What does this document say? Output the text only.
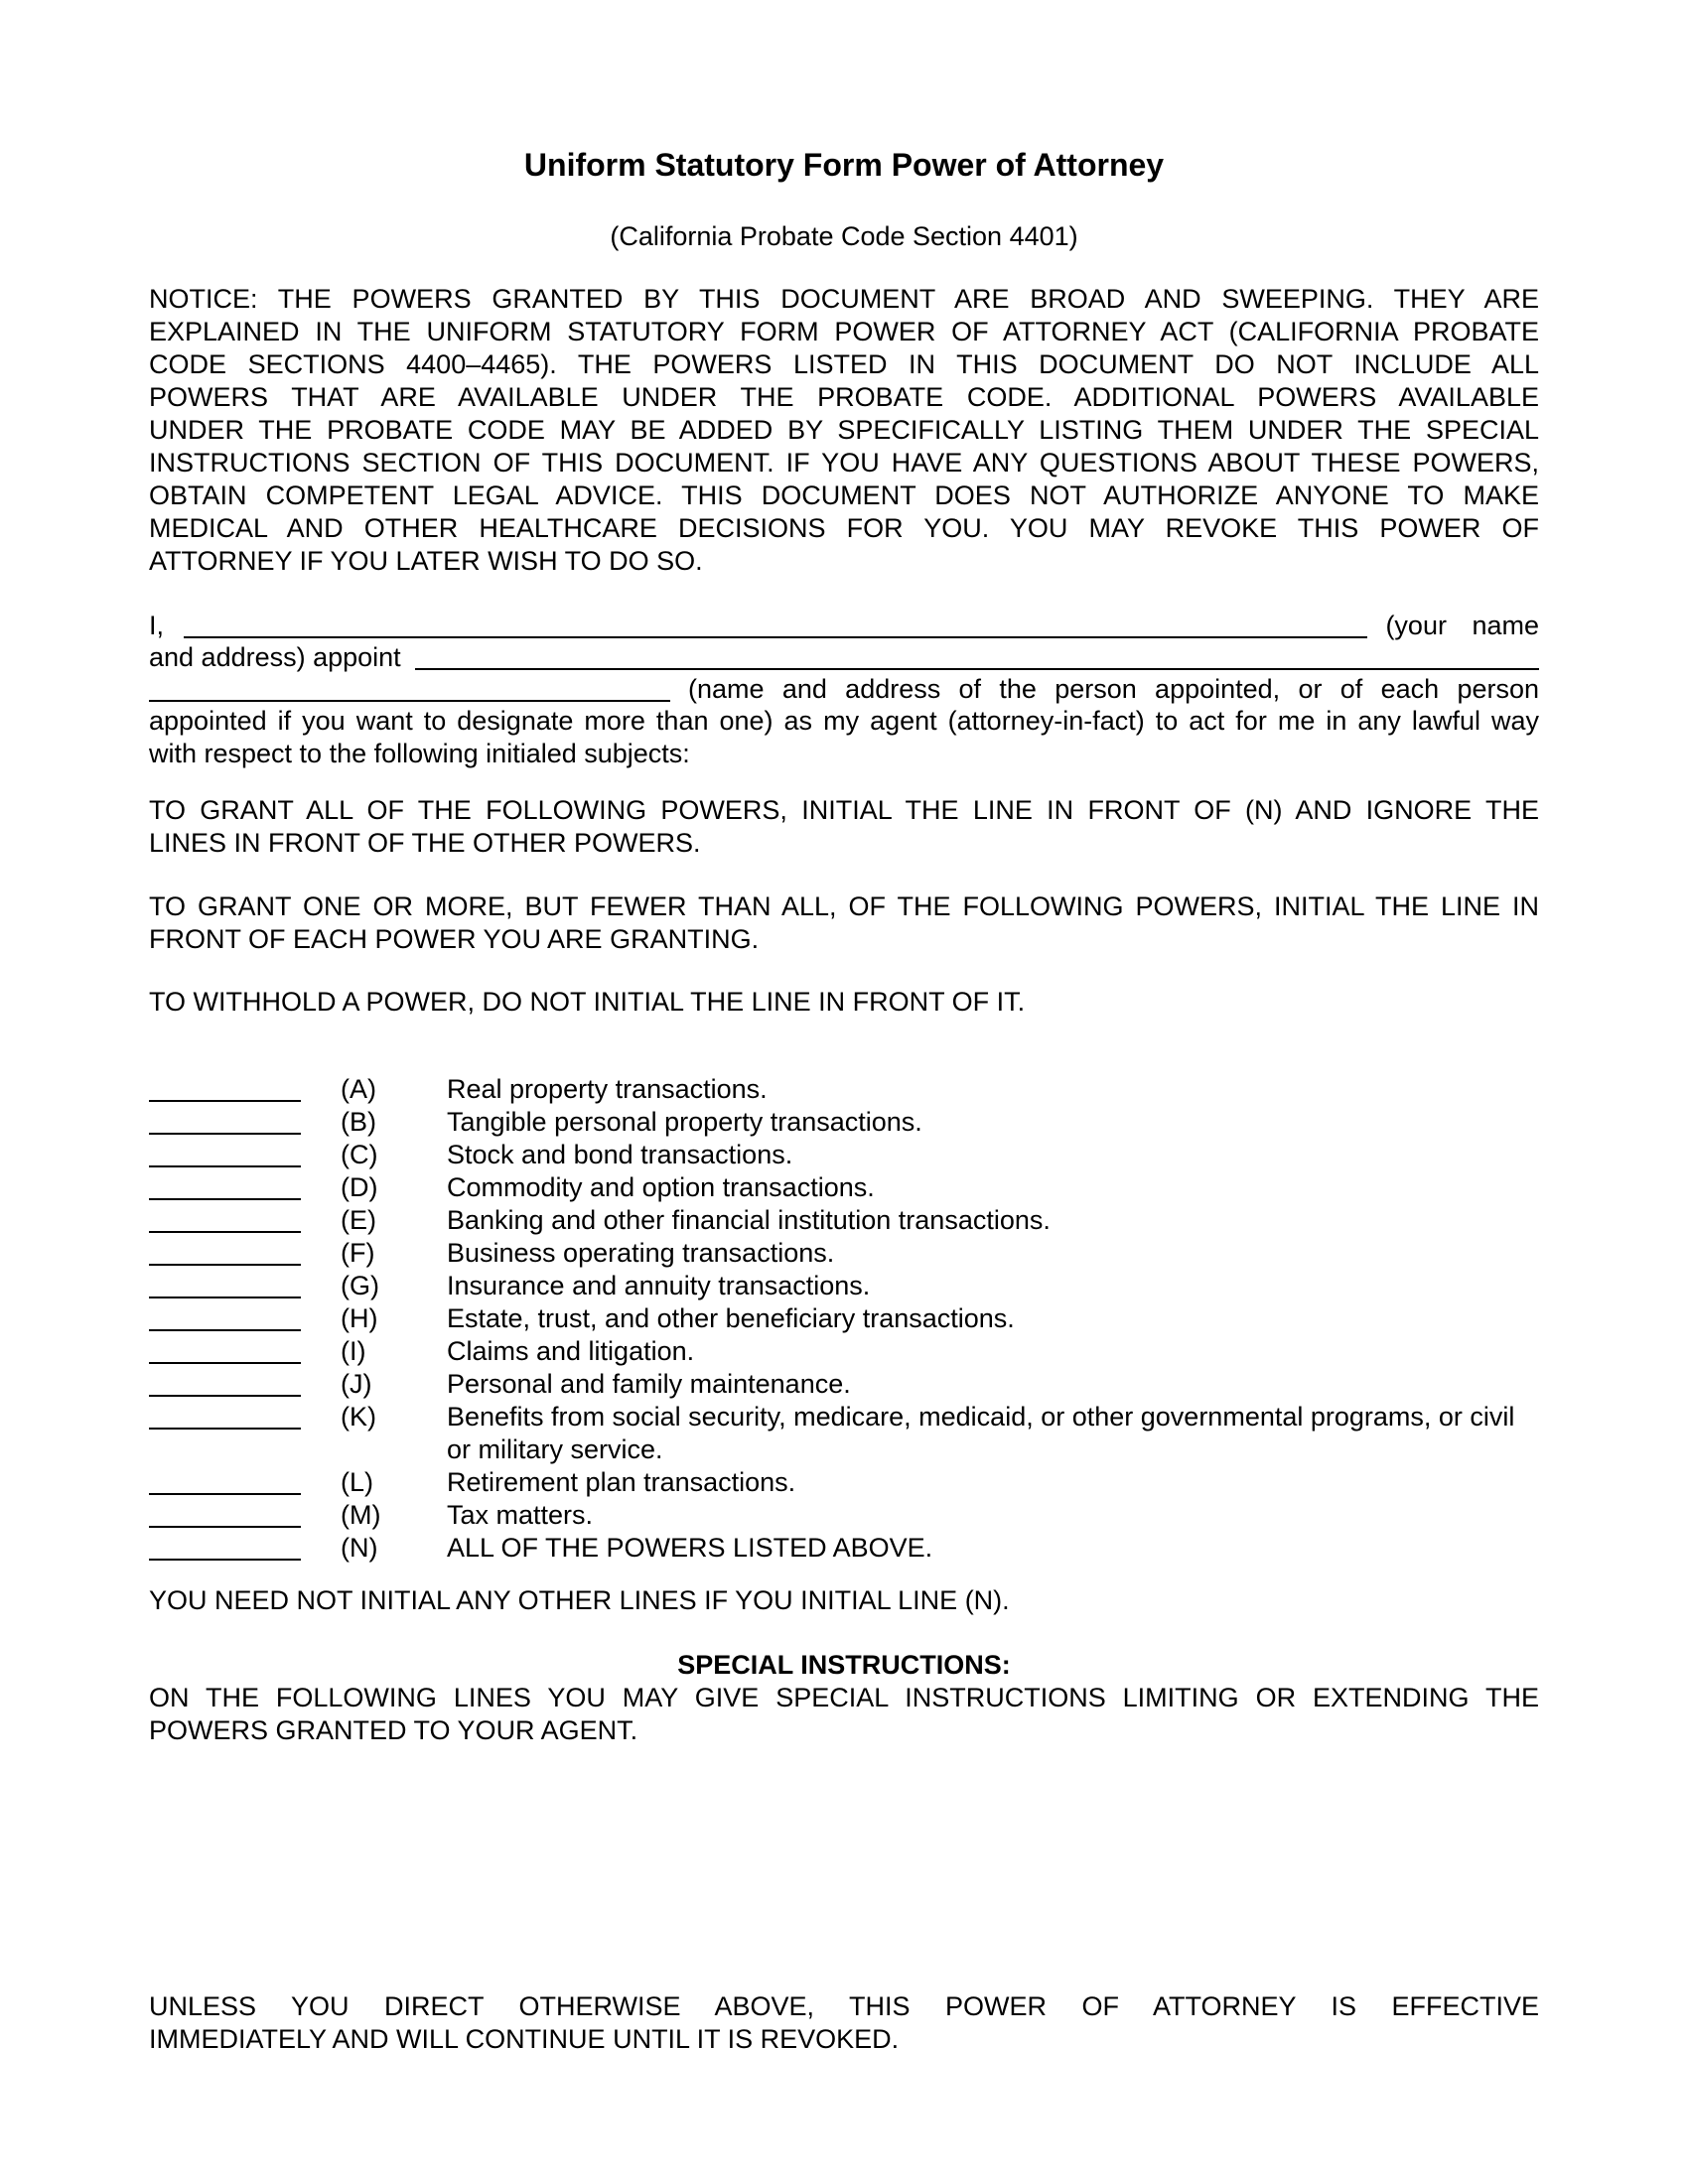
Uniform Statutory Form Power of Attorney

(California Probate Code Section 4401)

NOTICE: THE POWERS GRANTED BY THIS DOCUMENT ARE BROAD AND SWEEPING. THEY ARE
EXPLAINED IN THE UNIFORM STATUTORY FORM POWER OF ATTORNEY ACT (CALIFORNIA PROBATE
CODE SECTIONS 4400–4465). THE POWERS LISTED IN THIS DOCUMENT DO NOT INCLUDE ALL
POWERS THAT ARE AVAILABLE UNDER THE PROBATE CODE. ADDITIONAL POWERS AVAILABLE
UNDER THE PROBATE CODE MAY BE ADDED BY SPECIFICALLY LISTING THEM UNDER THE SPECIAL
INSTRUCTIONS SECTION OF THIS DOCUMENT. IF YOU HAVE ANY QUESTIONS ABOUT THESE POWERS,
OBTAIN COMPETENT LEGAL ADVICE. THIS DOCUMENT DOES NOT AUTHORIZE ANYONE TO MAKE
MEDICAL AND OTHER HEALTHCARE DECISIONS FOR YOU. YOU MAY REVOKE THIS POWER OF
ATTORNEY IF YOU LATER WISH TO DO SO.
I,	(your name
and address) appoint
(name and address of the person appointed, or of each person
appointed if you want to designate more than one) as my agent (attorney-in-fact) to act for me in any lawful way
with respect to the following initialed subjects:
TO GRANT ALL OF THE FOLLOWING POWERS, INITIAL THE LINE IN FRONT OF (N) AND IGNORE THE
LINES IN FRONT OF THE OTHER POWERS.
TO GRANT ONE OR MORE, BUT FEWER THAN ALL, OF THE FOLLOWING POWERS, INITIAL THE LINE IN
FRONT OF EACH POWER YOU ARE GRANTING.
TO WITHHOLD A POWER, DO NOT INITIAL THE LINE IN FRONT OF IT.
(A)	Real property transactions.
(B)	Tangible personal property transactions.
(C)	Stock and bond transactions.
(D)	Commodity and option transactions.
(E)	Banking and other financial institution transactions.
(F)	Business operating transactions.
(G)	Insurance and annuity transactions.
(H)	Estate, trust, and other beneficiary transactions.
(I)	Claims and litigation.
(J)	Personal and family maintenance.
(K)	Benefits from social security, medicare, medicaid, or other governmental programs, or civil or military service.
(L)	Retirement plan transactions.
(M)	Tax matters.
(N)	ALL OF THE POWERS LISTED ABOVE.
YOU NEED NOT INITIAL ANY OTHER LINES IF YOU INITIAL LINE (N).
SPECIAL INSTRUCTIONS:
ON THE FOLLOWING LINES YOU MAY GIVE SPECIAL INSTRUCTIONS LIMITING OR EXTENDING THE
POWERS GRANTED TO YOUR AGENT.
UNLESS YOU DIRECT OTHERWISE ABOVE, THIS POWER OF ATTORNEY IS EFFECTIVE
IMMEDIATELY AND WILL CONTINUE UNTIL IT IS REVOKED.
